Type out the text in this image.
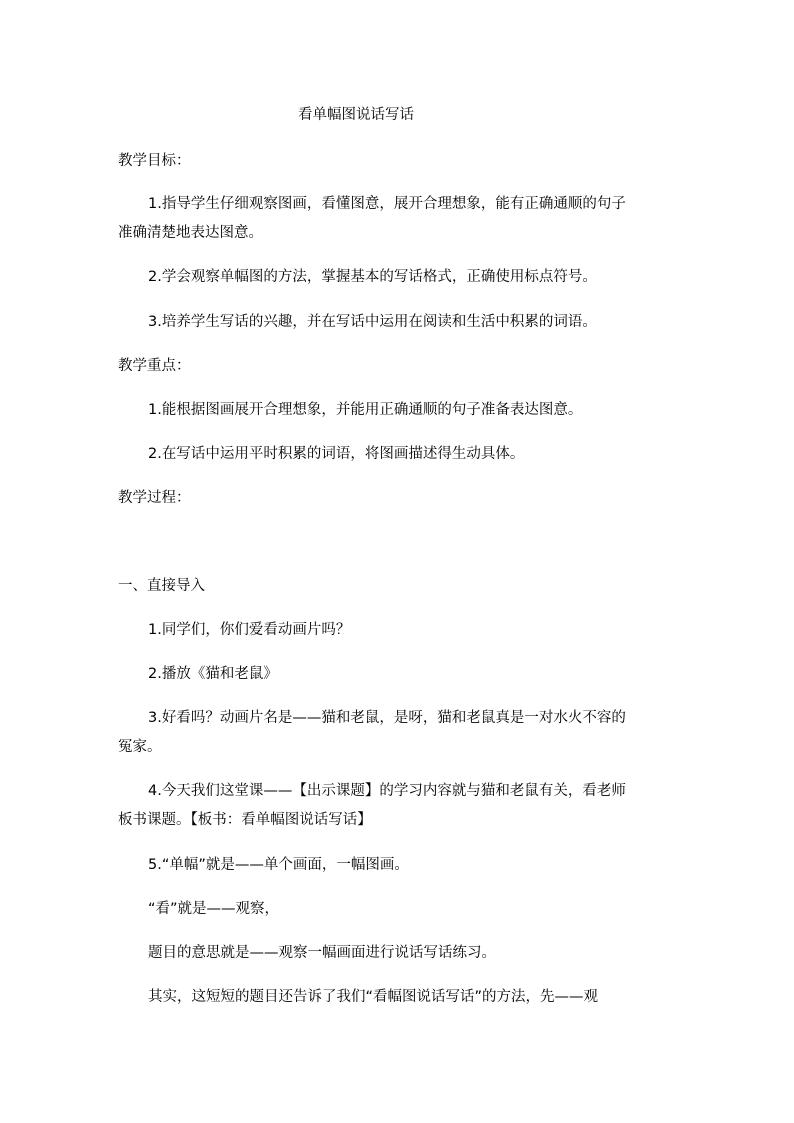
看单幅图说话写话
教学目标：
1.指导学生仔细观察图画，看懂图意，展开合理想象，能有正确通顺的句子
准确清楚地表达图意。
2.学会观察单幅图的方法，掌握基本的写话格式，正确使用标点符号。
3.培养学生写话的兴趣，并在写话中运用在阅读和生活中积累的词语。
教学重点：
1.能根据图画展开合理想象，并能用正确通顺的句子准备表达图意。
2.在写话中运用平时积累的词语，将图画描述得生动具体。
教学过程：
一、直接导入
1.同学们，你们爱看动画片吗？
2.播放《猫和老鼠》
3.好看吗？动画片名是——猫和老鼠，是呀，猫和老鼠真是一对水火不容的
冤家。
4.今天我们这堂课——【出示课题】的学习内容就与猫和老鼠有关，看老师
板书课题。【板书：看单幅图说话写话】
5.“单幅”就是——单个画面，一幅图画。
“看”就是——观察，
题目的意思就是——观察一幅画面进行说话写话练习。
其实，这短短的题目还告诉了我们“看幅图说话写话”的方法，先——观
